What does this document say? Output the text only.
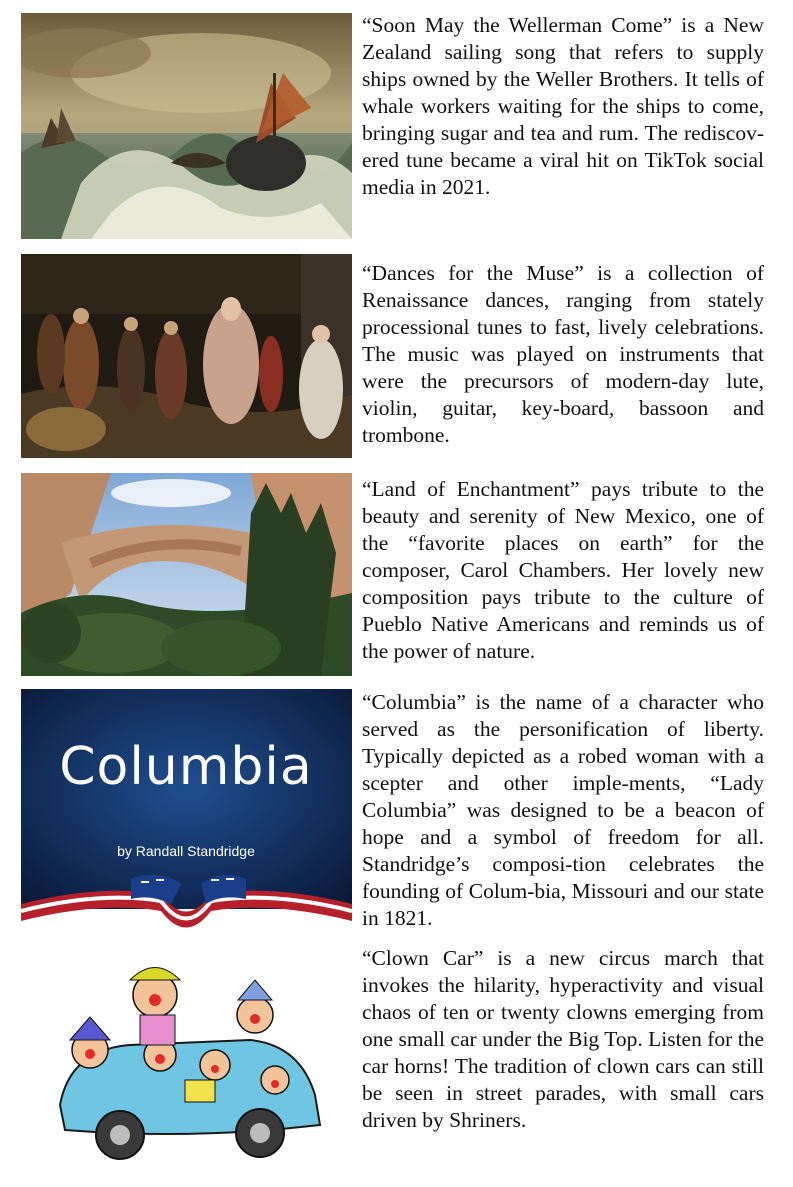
“Soon May the Wellerman Come” is a New Zealand sailing song that refers to supply ships owned by the Weller Brothers. It tells of whale workers waiting for the ships to come, bringing sugar and tea and rum. The rediscov-ered tune became a viral hit on TikTok social media in 2021.

“Dances for the Muse” is a collection of Renaissance dances, ranging from stately processional tunes to fast, lively celebrations. The music was played on instruments that were the precursors of modern-day lute, violin, guitar, key-board, bassoon and trombone.

“Land of Enchantment” pays tribute to the beauty and serenity of New Mexico, one of the “favorite places on earth” for the composer, Carol Chambers. Her lovely new composition pays tribute to the culture of Pueblo Native Americans and reminds us of the power of nature.

Columbia
by Randall Standridge

“Columbia” is the name of a character who served as the personification of liberty. Typically depicted as a robed woman with a scepter and other imple-ments, “Lady Columbia” was designed to be a beacon of hope and a symbol of freedom for all. Standridge’s composi-tion celebrates the founding of Colum-bia, Missouri and our state in 1821.

“Clown Car” is a new circus march that invokes the hilarity, hyperactivity and visual chaos of ten or twenty clowns emerging from one small car under the Big Top. Listen for the car horns! The tradition of clown cars can still be seen in street parades, with small cars driven by Shriners.
